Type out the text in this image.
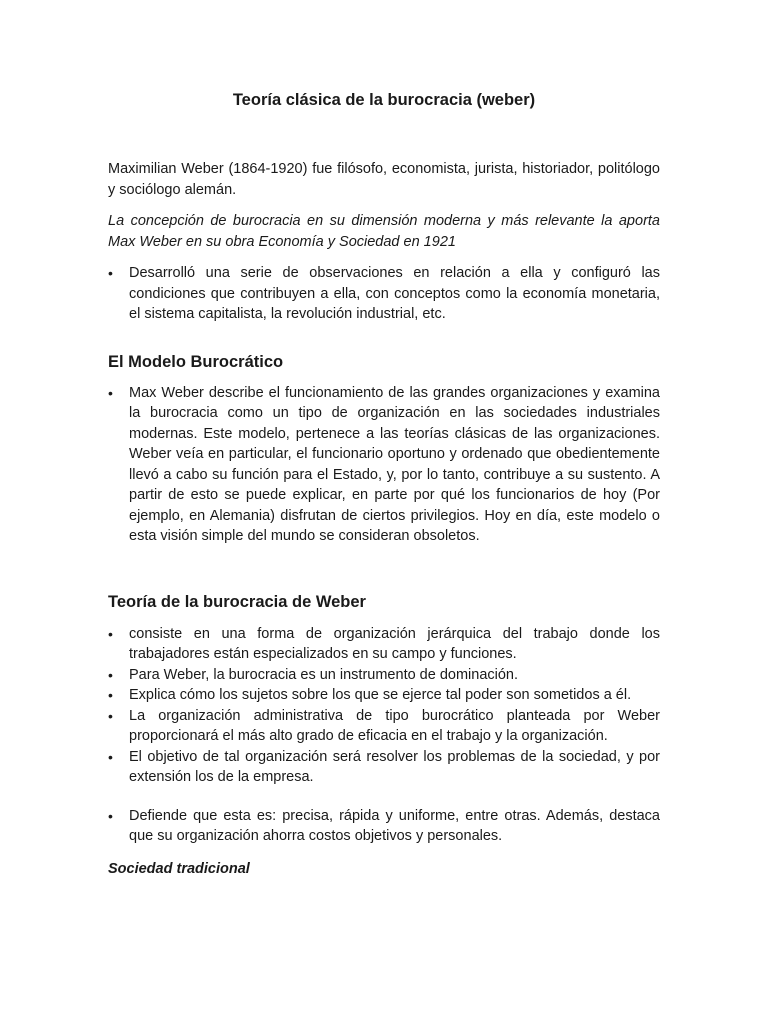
Teoría clásica de la burocracia (weber)

Maximilian Weber (1864-1920) fue filósofo, economista, jurista, historiador, politólogo y sociólogo alemán.

La concepción de burocracia en su dimensión moderna y más relevante la aporta Max Weber en su obra Economía y Sociedad en 1921

• Desarrolló una serie de observaciones en relación a ella y configuró las condiciones que contribuyen a ella, con conceptos como la economía monetaria, el sistema capitalista, la revolución industrial, etc.
El Modelo Burocrático
• Max Weber describe el funcionamiento de las grandes organizaciones y examina la burocracia como un tipo de organización en las sociedades industriales modernas. Este modelo, pertenece a las teorías clásicas de las organizaciones. Weber veía en particular, el funcionario oportuno y ordenado que obedientemente llevó a cabo su función para el Estado, y, por lo tanto, contribuye a su sustento. A partir de esto se puede explicar, en parte por qué los funcionarios de hoy (Por ejemplo, en Alemania) disfrutan de ciertos privilegios. Hoy en día, este modelo o esta visión simple del mundo se consideran obsoletos.
Teoría de la burocracia de Weber
• consiste en una forma de organización jerárquica del trabajo donde los trabajadores están especializados en su campo y funciones.
• Para Weber, la burocracia es un instrumento de dominación.
• Explica cómo los sujetos sobre los que se ejerce tal poder son sometidos a él.
• La organización administrativa de tipo burocrático planteada por Weber proporcionará el más alto grado de eficacia en el trabajo y la organización.
• El objetivo de tal organización será resolver los problemas de la sociedad, y por extensión los de la empresa.
• Defiende que esta es: precisa, rápida y uniforme, entre otras. Además, destaca que su organización ahorra costos objetivos y personales.
Sociedad tradicional
